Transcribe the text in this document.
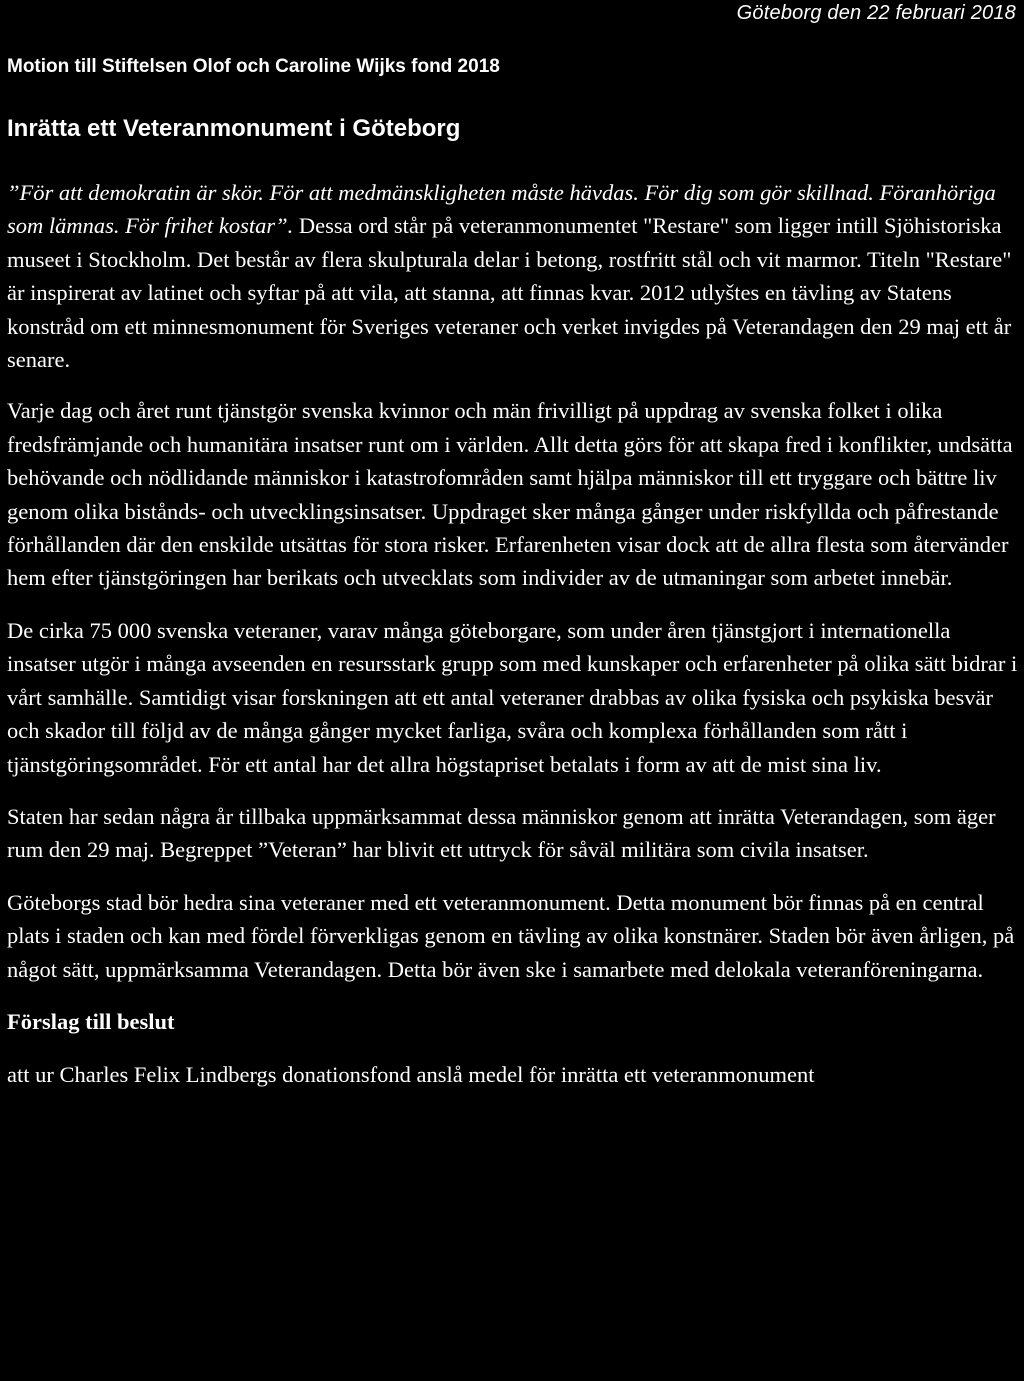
Göteborg den 22 februari 2018
Motion till Stiftelsen Olof och Caroline Wijks fond 2018
Inrätta ett Veteranmonument i Göteborg

”För att demokratin är skör. För att medmänskligheten måste hävdas. För dig som gör skillnad. Föranhöriga som lämnas. För frihet kostar”. Dessa ord står på veteranmonumentet "Restare" som ligger intill Sjöhistoriska museet i Stockholm. Det består av flera skulpturala delar i betong, rostfritt stål och vit marmor. Titeln "Restare" är inspirerat av latinet och syftar på att vila, att stanna, att finnas kvar. 2012 utlyštes en tävling av Statens konstråd om ett minnesmonument för Sveriges veteraner och verket invigdes på Veterandagen den 29 maj ett år senare.

Varje dag och året runt tjänstgör svenska kvinnor och män frivilligt på uppdrag av svenska folket i olika fredsfrämjande och humanitära insatser runt om i världen. Allt detta görs för att skapa fred i konflikter, undsätta behövande och nödlidande människor i katastrofområden samt hjälpa människor till ett tryggare och bättre liv genom olika bistånds- och utvecklingsinsatser. Uppdraget sker många gånger under riskfyllda och påfrestande förhållanden där den enskilde utsättas för stora risker. Erfarenheten visar dock att de allra flesta som återvänder hem efter tjänstgöringen har berikats och utvecklats som individer av de utmaningar som arbetet innebär.

De cirka 75 000 svenska veteraner, varav många göteborgare, som under åren tjänstgjort i internationella insatser utgör i många avseenden en resursstark grupp som med kunskaper och erfarenheter på olika sätt bidrar i vårt samhälle. Samtidigt visar forskningen att ett antal veteraner drabbas av olika fysiska och psykiska besvär och skador till följd av de många gånger mycket farliga, svåra och komplexa förhållanden som rått i tjänstgöringsområdet. För ett antal har det allra högstapriset betalats i form av att de mist sina liv.

Staten har sedan några år tillbaka uppmärksammat dessa människor genom att inrätta Veterandagen, som äger rum den 29 maj. Begreppet ”Veteran” har blivit ett uttryck för såväl militära som civila insatser.

Göteborgs stad bör hedra sina veteraner med ett veteranmonument. Detta monument bör finnas på en central plats i staden och kan med fördel förverkligas genom en tävling av olika konstnärer. Staden bör även årligen, på något sätt, uppmärksamma Veterandagen. Detta bör även ske i samarbete med delokala veteranföreningarna.

Förslag till beslut

att ur Charles Felix Lindbergs donationsfond anslå medel för inrätta ett veteranmonument
